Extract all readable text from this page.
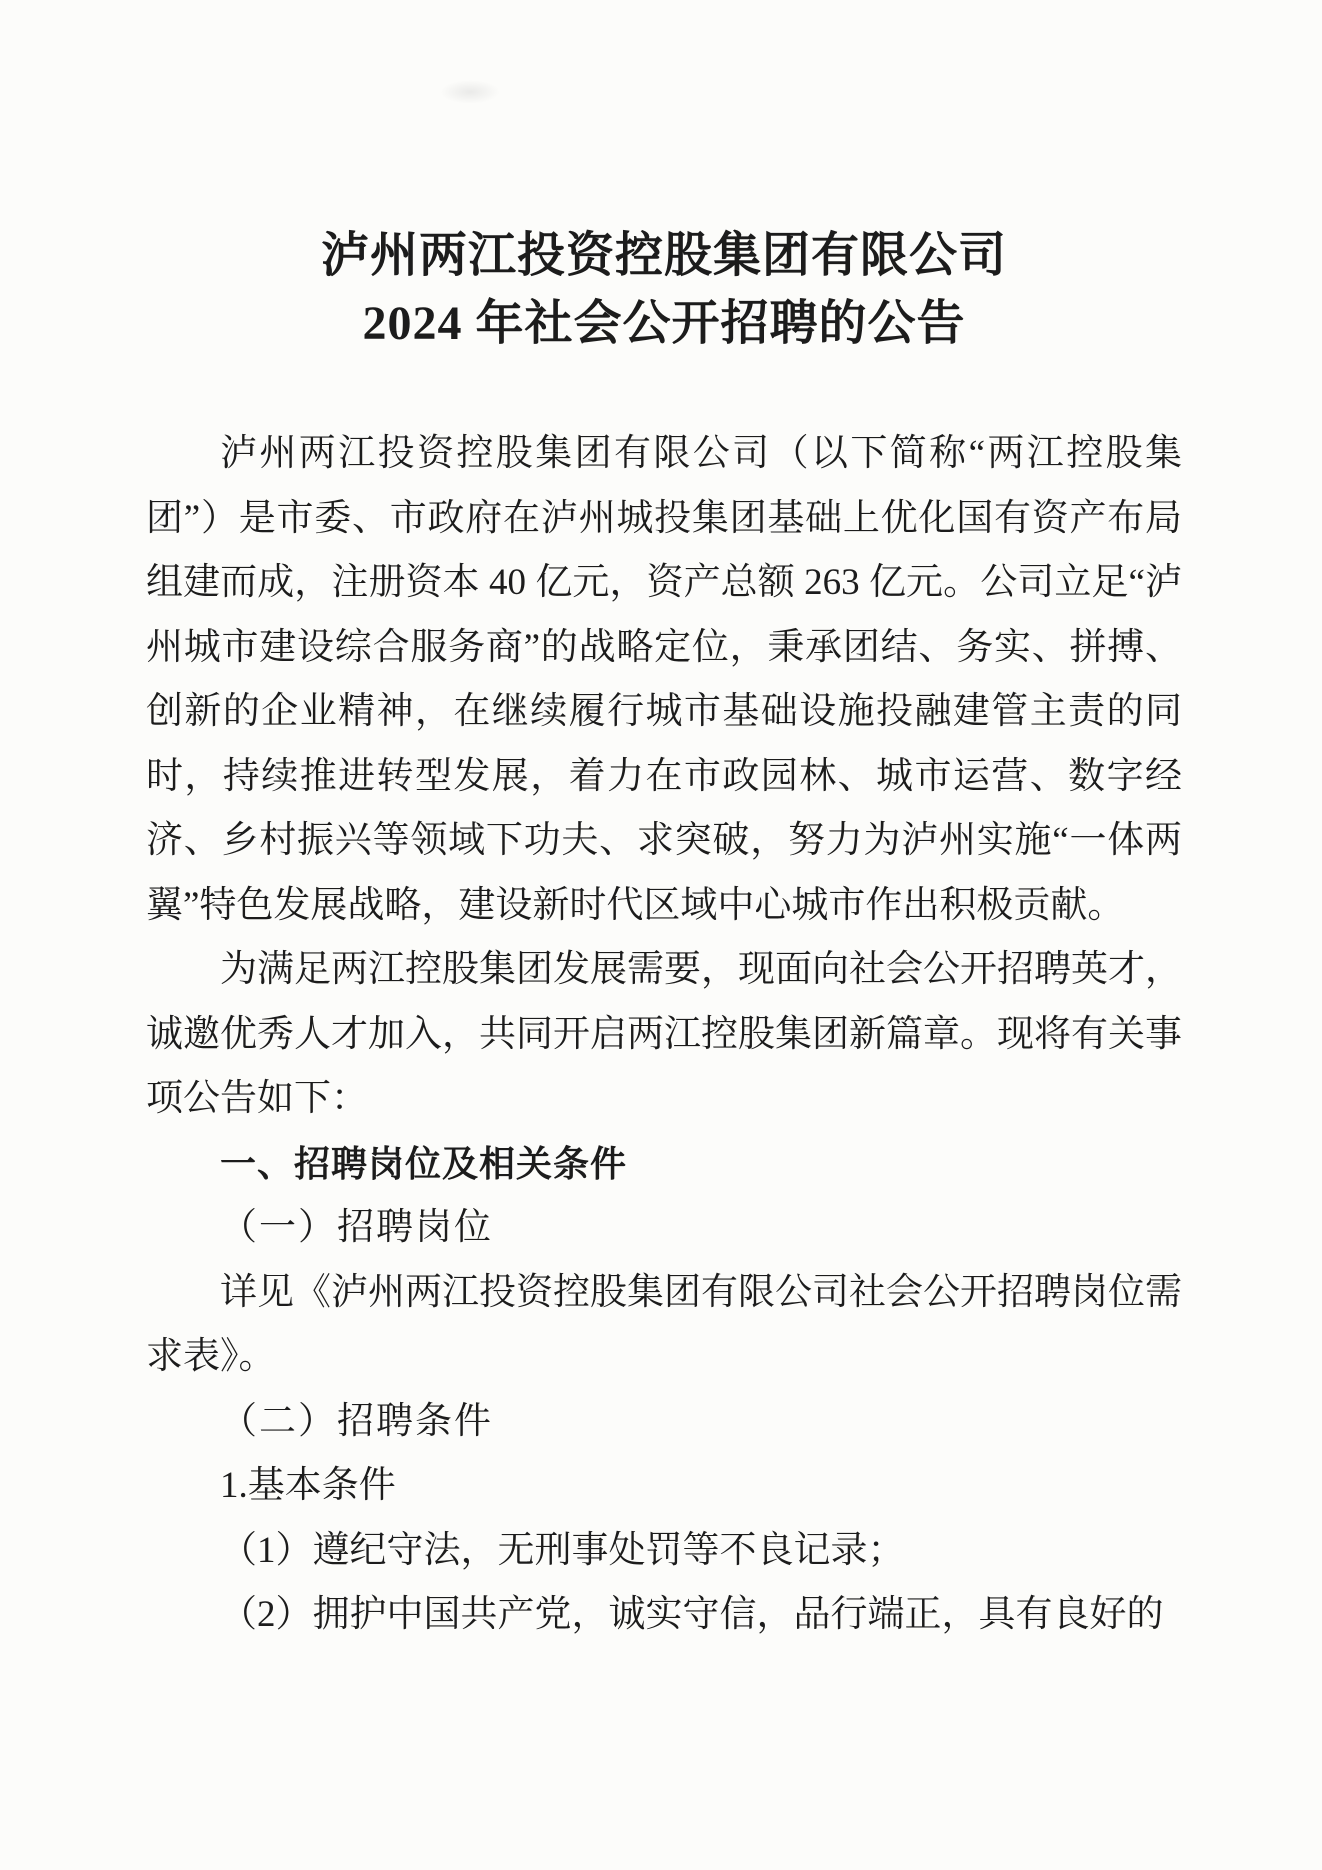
泸州两江投资控股集团有限公司
2024 年社会公开招聘的公告

泸州两江投资控股集团有限公司（以下简称“两江控股集团”）是市委、市政府在泸州城投集团基础上优化国有资产布局组建而成，注册资本 40 亿元，资产总额 263 亿元。公司立足“泸州城市建设综合服务商”的战略定位，秉承团结、务实、拼搏、创新的企业精神，在继续履行城市基础设施投融建管主责的同时，持续推进转型发展，着力在市政园林、城市运营、数字经济、乡村振兴等领域下功夫、求突破，努力为泸州实施“一体两翼”特色发展战略，建设新时代区域中心城市作出积极贡献。

为满足两江控股集团发展需要，现面向社会公开招聘英才，诚邀优秀人才加入，共同开启两江控股集团新篇章。现将有关事项公告如下：

一、招聘岗位及相关条件

（一）招聘岗位

详见《泸州两江投资控股集团有限公司社会公开招聘岗位需求表》。

（二）招聘条件

1.基本条件

（1）遵纪守法，无刑事处罚等不良记录；

（2）拥护中国共产党，诚实守信，品行端正，具有良好的
